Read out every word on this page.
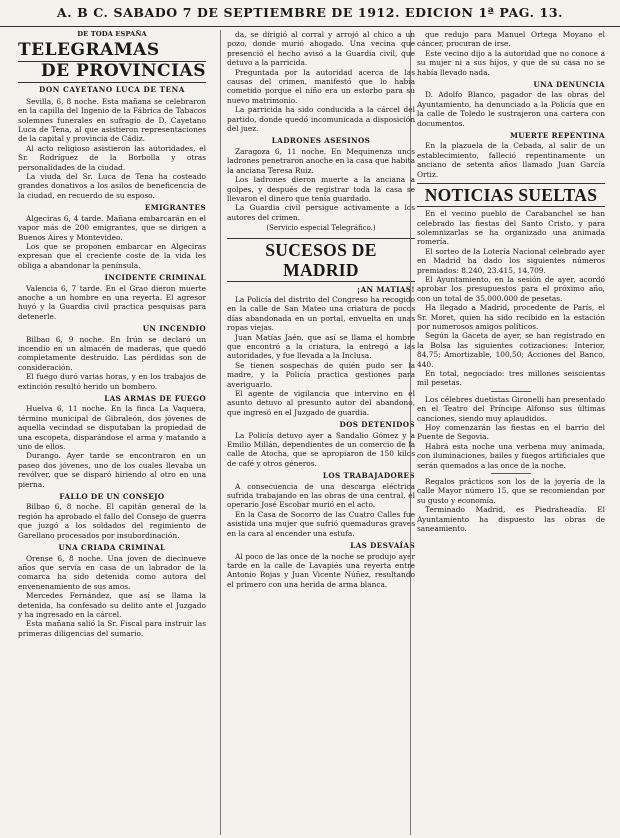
A. B C. SABADO 7 DE SEPTIEMBRE DE 1912. EDICION 1ª PAG. 13.
DE TODA ESPAÑA
TELEGRAMAS
DE PROVINCIAS
DON CAYETANO LUCA DE TENA

Sevilla, 6, 8 noche. Esta mañana se celebraron en la capilla del Ingenio de la Fábrica de Tabacos solemnes funerales en sufragio de D. Cayetano Luca de Tena, al que asistieron representaciones de la capital y provincia de Cádiz.

Al acto religioso asistieron las autoridades, el Sr. Rodríguez de la Borbolla y otras personalidades de la ciudad.

La viuda del Sr. Luca de Tena ha costeado grandes donativos a los asilos de beneficencia de la ciudad, en recuerdo de su esposo.

EMIGRANTES

Algeciras 6, 4 tarde. Mañana embarcarán en el vapor más de 200 emigrantes, que se dirigen a Buenos Aires y Montevideo.

Los que se proponen embarcar en Algeciras expresan que el creciente coste de la vida les obliga a abandonar la península.

INCIDENTE CRIMINAL

Valencia 6, 7 tarde. En el Grao dieron muerte anoche a un hombre en una reyerta. El agresor huyó y la Guardia civil practica pesquisas para detenerle.

UN INCENDIO

Bilbao 6, 9 noche. En Irún se declaró un incendio en un almacén de maderas, que quedó completamente destruido. Las pérdidas son de consideración.

El fuego duró varias horas, y en los trabajos de extinción resultó herido un bombero.

LAS ARMAS DE FUEGO

Huelva 6, 11 noche. En la finca La Vaquera, término municipal de Gibraleón, dos jóvenes de aquella vecindad se disputaban la propiedad de una escopeta, disparándose el arma y matando a uno de ellos.

Durango. Ayer tarde se encontraron en un paseo dos jóvenes, uno de los cuales llevaba un revólver, que se disparó hiriendo al otro en una pierna.

FALLO DE UN CONSEJO

Bilbao 6, 8 noche. El capitán general de la región ha aprobado el fallo del Consejo de guerra que juzgó a los soldados del regimiento de Garellano procesados por insubordinación.

UNA CRIADA CRIMINAL

Orense 6, 8 noche. Una joven de diecinueve años que servía en casa de un labrador de la comarca ha sido detenida como autora del envenenamiento de sus amos.

Mercedes Fernández, que así se llama la detenida, ha confesado su delito ante el Juzgado y ha ingresado en la cárcel.

Esta mañana salió la Sr. Fiscal para instruir las primeras diligencias del sumario.

da, se dirigió al corral y arrojó al chico a un pozo, donde murió ahogado. Una vecina que presenció el hecho avisó a la Guardia civil, que detuvo a la parricida.

Preguntada por la autoridad acerca de las causas del crimen, manifestó que lo había cometido porque el niño era un estorbo para su nuevo matrimonio.

La parricida ha sido conducida a la cárcel del partido, donde quedó incomunicada a disposición del juez.

LADRONES ASESINOS

Zaragoza 6, 11 noche. En Mequinenza unos ladrones penetraron anoche en la casa que habita la anciana Teresa Ruiz.

Los ladrones dieron muerte a la anciana a golpes, y después de registrar toda la casa se llevaron el dinero que tenía guardado.

La Guardia civil persigue activamente a los autores del crimen.

(Servicio especial Telegráfico.)
SUCESOS DE MADRID
¡AN MATIAS!

La Policía del distrito del Congreso ha recogido en la calle de San Mateo una criatura de pocos días abandonada en un portal, envuelta en unas ropas viejas.

Juan Matías Jaén, que así se llama el hombre que encontró a la criatura, la entregó a las autoridades, y fue llevada a la Inclusa.

Se tienen sospechas de quién pudo ser la madre, y la Policía practica gestiones para averiguarlo.

El agente de vigilancia que intervino en el asunto detuvo al presunto autor del abandono, que ingresó en el Juzgado de guardia.

DOS DETENIDOS

La Policía detuvo ayer a Sandalio Gómez y a Emilio Millán, dependientes de un comercio de la calle de Atocha, que se apropiaron de 150 kilos de café y otros géneros.

LOS TRABAJADORES

A consecuencia de una descarga eléctrica sufrida trabajando en las obras de una central, el operario José Escobar murió en el acto.

En la Casa de Socorro de las Cuatro Calles fue asistida una mujer que sufrió quemaduras graves en la cara al encender una estufa.

LAS DESVAÍAS

Al poco de las once de la noche se produjo ayer tarde en la calle de Lavapiés una reyerta entre Antonio Rojas y Juan Vicente Núñez, resultando el primero con una herida de arma blanca.

que redujo para Manuel Ortega Moyano el cáncer, procuran de irse.

Este vecino dijo a la autoridad que no conoce a su mujer ni a sus hijos, y que de su casa no se había llevado nada.

UNA DENUNCIA

D. Adolfo Blanco, pagador de las obras del Ayuntamiento, ha denunciado a la Policía que en la calle de Toledo le sustrajeron una cartera con documentos.

MUERTE REPENTINA

En la plazuela de la Cebada, al salir de un establecimiento, falleció repentinamente un anciano de setenta años llamado Juan García Ortiz.

NOTICIAS SUELTAS

En el vecino pueblo de Carabanchel se han celebrado las fiestas del Santo Cristo, y para solemnizarlas se ha organizado una animada romería.

El sorteo de la Lotería Nacional celebrado ayer en Madrid ha dado los siguientes números premiados: 8.240, 23.415, 14.709.

El Ayuntamiento, en la sesión de ayer, acordó aprobar los presupuestos para el próximo año, con un total de 35.000.000 de pesetas.

Ha llegado a Madrid, procedente de París, el Sr. Moret, quien ha sido recibido en la estación por numerosos amigos políticos.

Según la Gaceta de ayer, se han registrado en la Bolsa las siguientes cotizaciones: Interior, 84,75; Amortizable, 100,50; Acciones del Banco, 440.

En total, negociado: tres millones seiscientas mil pesetas.

Los célebres duetistas Gironelli han presentado en el Teatro del Príncipe Alfonso sus últimas canciones, siendo muy aplaudidos.

Hoy comenzarán las fiestas en el barrio del Puente de Segovia.

Habrá esta noche una verbena muy animada, con iluminaciones, bailes y fuegos artificiales que serán quemados a las once de la noche.

Regalos prácticos son los de la joyería de la calle Mayor número 15, que se recomiendan por su gusto y economía.

Terminado Madrid, es Piedraheadía. El Ayuntamiento ha dispuesto las obras de saneamiento.
